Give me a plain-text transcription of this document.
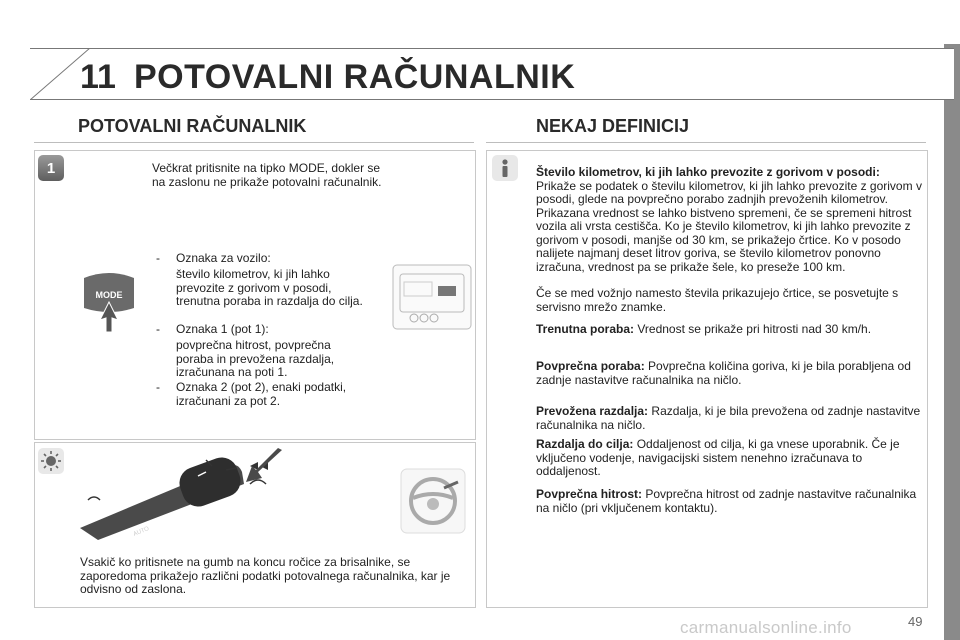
11 POTOVALNI RAČUNALNIK
POTOVALNI RAČUNALNIK
1	Večkrat pritisnite na tipko MODE, dokler se na zaslonu ne prikaže potovalni računalnik.
MODE
- Oznaka za vozilo:
število kilometrov, ki jih lahko prevozite z gorivom v posodi, trenutna poraba in razdalja do cilja.
- Oznaka 1 (pot 1):
povprečna hitrost, povprečna poraba in prevožena razdalja, izračunana na poti 1.
- Oznaka 2 (pot 2), enaki podatki, izračunani za pot 2.
AUTO
Vsakič ko pritisnete na gumb na koncu ročice za brisalnike, se zaporedoma prikažejo različni podatki potovalnega računalnika, kar je odvisno od zaslona.
NEKAJ DEFINICIJ
Število kilometrov, ki jih lahko prevozite z gorivom v posodi:
Prikaže se podatek o številu kilometrov, ki jih lahko prevozite z gorivom v posodi, glede na povprečno porabo zadnjih prevoženih kilometrov. Prikazana vrednost se lahko bistveno spremeni, če se spremeni hitrost vozila ali vrsta cestišča. Ko je število kilometrov, ki jih lahko prevozite z gorivom v posodi, manjše od 30 km, se prikažejo črtice. Ko v posodo nalijete najmanj deset litrov goriva, se število kilometrov ponovno izračuna, vrednost pa se prikaže šele, ko preseže 100 km.
Če se med vožnjo namesto števila prikazujejo črtice, se posvetujte s servisno mrežo znamke.
Trenutna poraba: Vrednost se prikaže pri hitrosti nad 30 km/h.
Povprečna poraba: Povprečna količina goriva, ki je bila porabljena od zadnje nastavitve računalnika na ničlo.
Prevožena razdalja: Razdalja, ki je bila prevožena od zadnje nastavitve računalnika na ničlo.
Razdalja do cilja: Oddaljenost od cilja, ki ga vnese uporabnik. Če je vključeno vodenje, navigacijski sistem nenehno izračunava to oddaljenost.
Povprečna hitrost: Povprečna hitrost od zadnje nastavitve računalnika na ničlo (pri vključenem kontaktu).
carmanualsonline.info	49
